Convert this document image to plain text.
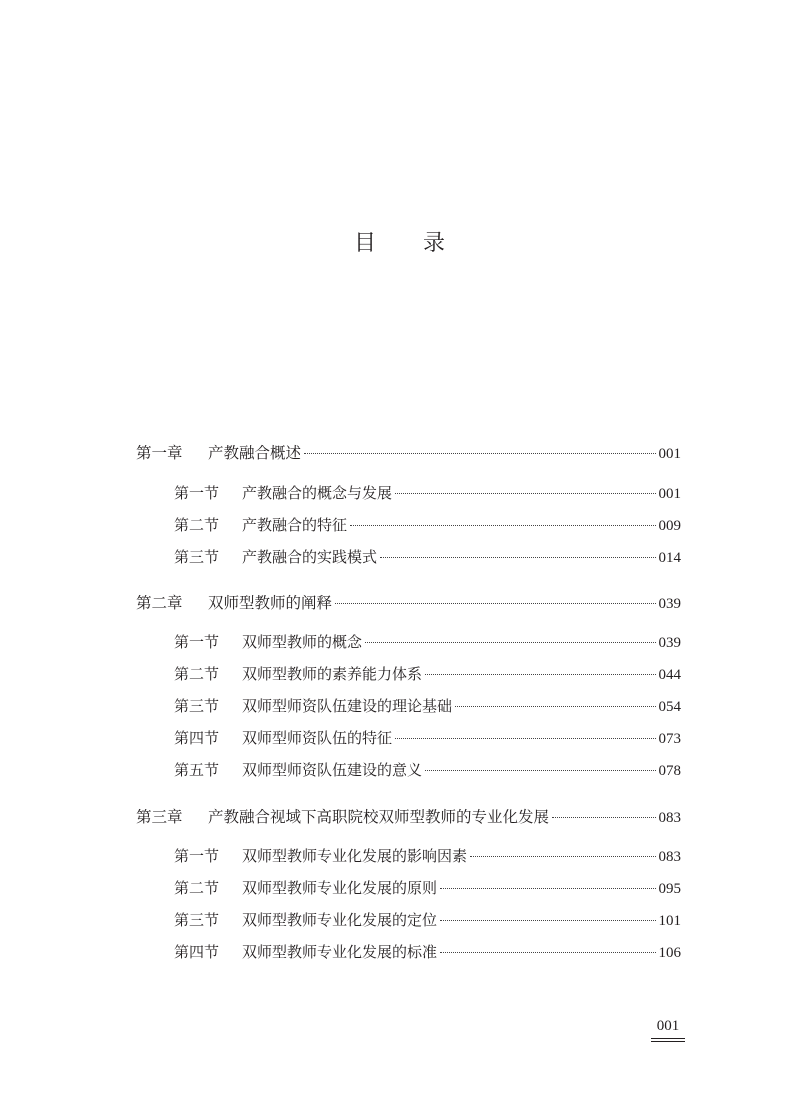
目 录
第一章	产教融合概述	001
第一节	产教融合的概念与发展	001
第二节	产教融合的特征	009
第三节	产教融合的实践模式	014
第二章	双师型教师的阐释	039
第一节	双师型教师的概念	039
第二节	双师型教师的素养能力体系	044
第三节	双师型师资队伍建设的理论基础	054
第四节	双师型师资队伍的特征	073
第五节	双师型师资队伍建设的意义	078
第三章	产教融合视域下高职院校双师型教师的专业化发展	083
第一节	双师型教师专业化发展的影响因素	083
第二节	双师型教师专业化发展的原则	095
第三节	双师型教师专业化发展的定位	101
第四节	双师型教师专业化发展的标准	106
001
